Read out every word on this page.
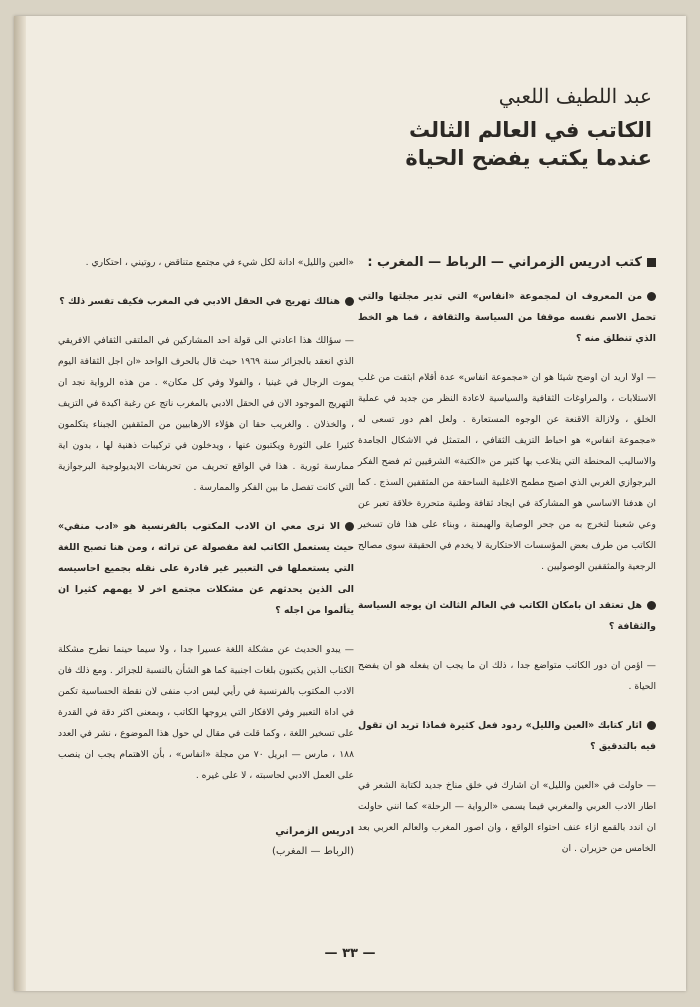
عبد اللطيف اللعبي

الكاتب في العالم الثالث

عندما يكتب يفضح الحياة

كتب ادريس الزمراني — الرباط — المغرب :

من المعروف ان لمجموعة «انفاس» التي تدير مجلتها والتي تحمل الاسم نفسه موقفا من السياسة والثقافة ، فما هو الخط الذي تنطلق منه ؟

— اولا اريد ان اوضح شيئا هو ان «مجموعة انفاس» عدة أقلام ابثقت من غلب الاستلابات ، والمراوغات الثقافية والسياسية لاعادة النظر من جديد في عملية الخلق ، ولازالة الاقنعة عن الوجوه المستعارة . ولعل اهم دور تسعى له «مجموعة انفاس» هو احباط التزيف الثقافي ، المتمثل في الاشكال الجامدة والاساليب المحنطة التي يتلاعب بها كثير من «الكتبة» الشرقيين ثم فضح الفكر البرجوازي الغربي الذي اصبح مطمح الاغلبية الساحقة من المثقفين السذج . كما ان هدفنا الاساسي هو المشاركة في ايجاد ثقافة وطنية متحررة خلاقة تعبر عن وعي شعبنا لتخرج به من جحر الوصاية والهيمنة ، وبناء على هذا فان تسخير الكاتب من طرف بعض المؤسسات الاحتكارية لا يخدم في الحقيقة سوى مصالح الرجعية والمثقفين الوصوليين .

هل تعتقد ان بامكان الكاتب في العالم الثالث ان يوجه السياسة والثقافة ؟

— اؤمن ان دور الكاتب متواضع جدا ، ذلك ان ما يجب ان يفعله هو ان يفضح الحياة .

اثار كتابك «العين والليل» ردود فعل كثيرة فماذا تريد ان تقول فيه بالتدقيق ؟

— حاولت في «العين والليل» ان اشارك في خلق مناخ جديد لكتابة الشعر في اطار الادب العربي والمغربي فيما يسمى «الرواية — الرحلة» كما انني حاولت ان اندد بالقمع ازاء عنف احتواء الواقع ، وان اصور المغرب والعالم العربي بعد الخامس من حزيران . ان

«العين والليل» ادانة لكل شيء في مجتمع متناقض ، روتيني ، احتكاري .

هنالك تهريج في الحقل الادبي في المغرب فكيف تفسر ذلك ؟

— سؤالك هذا اعادني الى قولة احد المشاركين في الملتقى الثقافي الافريقي الذي انعقد بالجزائر سنة ١٩٦٩ حيث قال بالحرف الواحد «ان اجل الثقافة اليوم يموت الرجال في غينيا ، والفولا وفي كل مكان» . من هذه الرواية نجد ان التهريج الموجود الان في الحقل الادبي بالمغرب ناتج عن رغبة اكيدة في التزيف ، والخذلان . والغريب حقا ان هؤلاء الارهابيين من المثقفين الجبناء يتكلمون كثيرا على الثورة ويكتبون عنها ، ويدخلون في تركيبات ذهنية لها ، بدون اية ممارسة ثورية . هذا في الواقع تحريف من تحريفات الايديولوجية البرجوازية التي كانت تفصل ما بين الفكر والممارسة .

الا ترى معي ان الادب المكتوب بالفرنسية هو «ادب منفي» حيث يستعمل الكاتب لغة مفصولة عن تراثه ، ومن هنا تصبح اللغة التي يستعملها في التعبير غير قادرة على نقله بجميع احاسيسه الى الذين يحدثهم عن مشكلات مجتمع اخر لا يهمهم كثيرا ان يتألموا من اجله ؟

— يبدو الحديث عن مشكلة اللغة عسيرا جدا ، ولا سيما حينما نطرح مشكلة الكتاب الذين يكتبون بلغات اجنبية كما هو الشأن بالنسبة للجزائر . ومع ذلك فان الادب المكتوب بالفرنسية في رأيي ليس ادب منفى لان نقطة الحساسية تكمن في اداة التعبير وفي الافكار التي يروجها الكاتب ، وبمعنى اكثر دقة في القدرة على تسخير اللغة ، وكما قلت في مقال لي حول هذا الموضوع ، نشر في العدد ١٨٨ ، مارس — ابريل ٧٠ من مجلة «انفاس» ، بأن الاهتمام يجب ان ينصب على العمل الادبي لحاسبته ، لا على غيره .

ادريس الزمراني
(الرباط — المغرب)
— ٣٣ —
